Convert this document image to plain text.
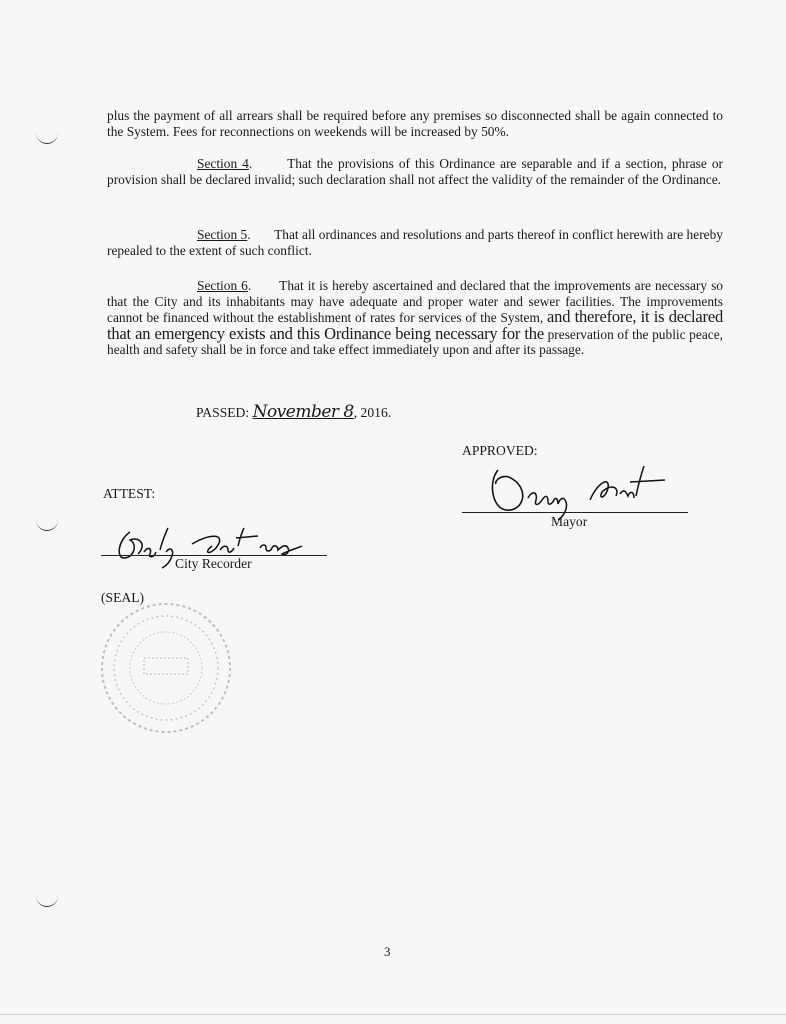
plus the payment of all arrears shall be required before any premises so disconnected shall be again connected to the System. Fees for reconnections on weekends will be increased by 50%.

Section 4.       That the provisions of this Ordinance are separable and if a section, phrase or provision shall be declared invalid; such declaration shall not affect the validity of the remainder of the Ordinance.

Section 5.       That all ordinances and resolutions and parts thereof in conflict herewith are hereby repealed to the extent of such conflict.

Section 6.       That it is hereby ascertained and declared that the improvements are necessary so that the City and its inhabitants may have adequate and proper water and sewer facilities. The improvements cannot be financed without the establishment of rates for services of the System, and therefore, it is declared that an emergency exists and this Ordinance being necessary for the preservation of the public peace, health and safety shall be in force and take effect immediately upon and after its passage.

PASSED: November 8, 2016.
APPROVED:
Mayor
ATTEST:
City Recorder
(SEAL)
3
